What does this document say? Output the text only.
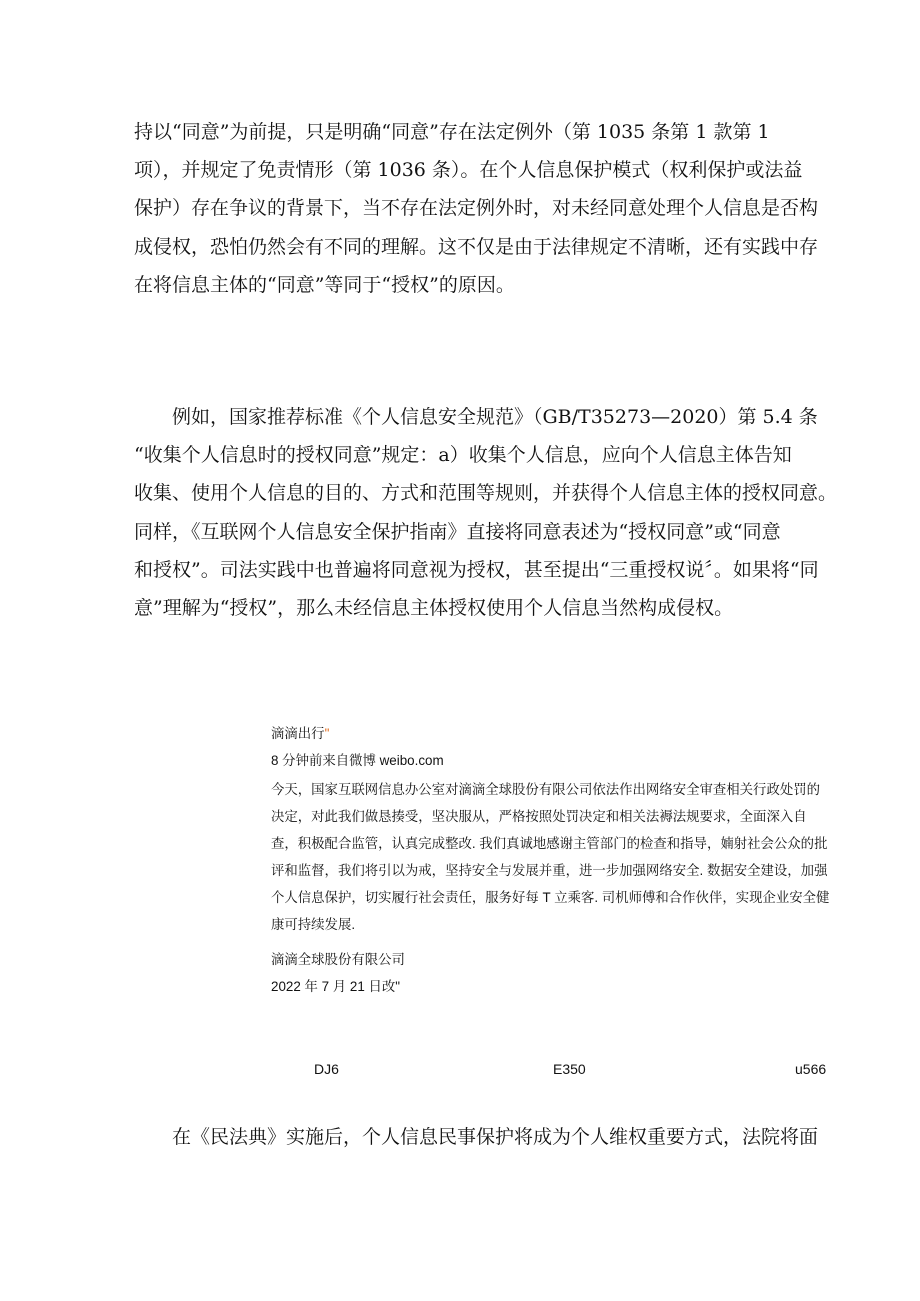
持以“同意”为前提，只是明确“同意”存在法定例外（第 1035 条第 1 款第 1
项），并规定了免责情形（第 1036 条）。在个人信息保护模式（权利保护或法益
保护）存在争议的背景下，当不存在法定例外时，对未经同意处理个人信息是否构
成侵权，恐怕仍然会有不同的理解。这不仅是由于法律规定不清晰，还有实践中存
在将信息主体的“同意”等同于“授权”的原因。
　　例如，国家推荐标准《个人信息安全规范》（GB/T35273—2020）第 5.4 条
“收集个人信息时的授权同意”规定：a）收集个人信息，应向个人信息主体告知
收集、使用个人信息的目的、方式和范围等规则，并获得个人信息主体的授权同意。
同样，《互联网个人信息安全保护指南》直接将同意表述为“授权同意”或“同意
和授权”。司法实践中也普遍将同意视为授权，甚至提出“三重授权说〞。如果将“同
意”理解为“授权”，那么未经信息主体授权使用个人信息当然构成侵权。
滴滴出行"
8 分钟前来自微博 weibo.com
今天，国家互联网信息办公室对滴滴全球股份有限公司依法作出网络安全审查相关行政处罚的
决定，对此我们做恳揍受，坚决服从，严格按照处罚决定和相关法褥法规要求，全面深入自
查，积极配合监管，认真完成整改. 我们真诚地感谢主管部门的检查和指导，婻射社会公众的批
评和监督，我们将引以为戒，坚持安全与发展并重，进一步加强网络安全. 数据安全建设，加强
个人信息保护，切实履行社会责任，服务好每 T 立乘客. 司机师傅和合作伙伴，实现企业安全健
康可持续发展.
滴滴全球股份有限公司
2022 年 7 月 21 日改"
DJ6	E350	u566
　　在《民法典》实施后，个人信息民事保护将成为个人维权重要方式，法院将面
